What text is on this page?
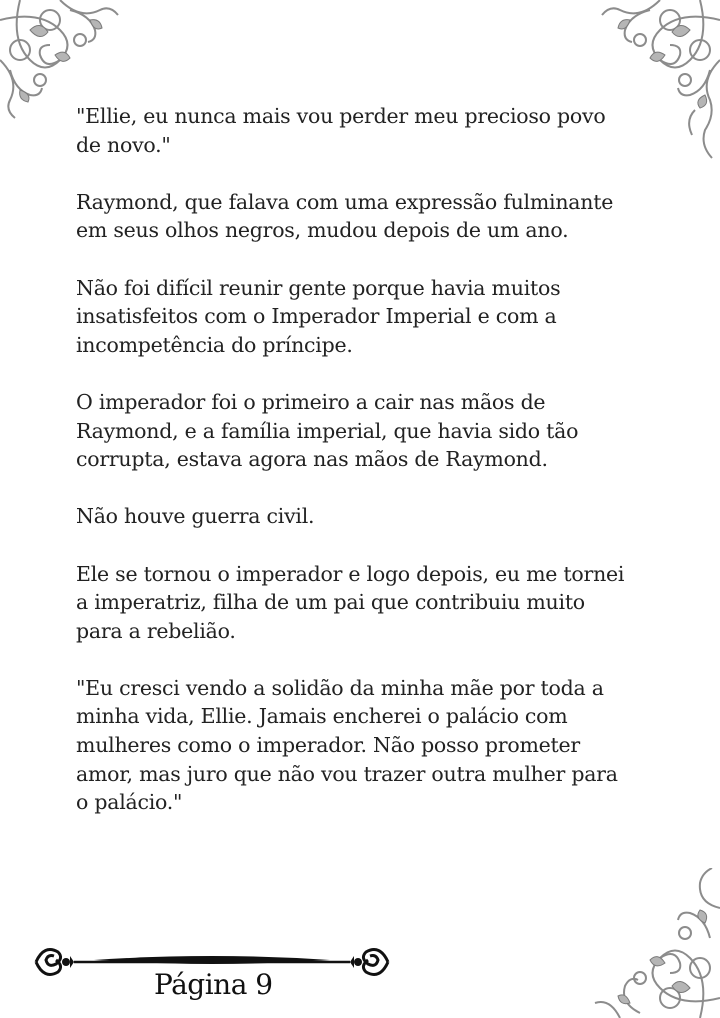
"Ellie, eu nunca mais vou perder meu precioso povo de novo."

Raymond, que falava com uma expressão fulminante em seus olhos negros, mudou depois de um ano.

Não foi difícil reunir gente porque havia muitos insatisfeitos com o Imperador Imperial e com a incompetência do príncipe.

O imperador foi o primeiro a cair nas mãos de Raymond, e a família imperial, que havia sido tão corrupta, estava agora nas mãos de Raymond.

Não houve guerra civil.

Ele se tornou o imperador e logo depois, eu me tornei a imperatriz, filha de um pai que contribuiu muito para a rebelião.

"Eu cresci vendo a solidão da minha mãe por toda a minha vida, Ellie. Jamais encherei o palácio com mulheres como o imperador. Não posso prometer amor, mas juro que não vou trazer outra mulher para o palácio."

Página 9
